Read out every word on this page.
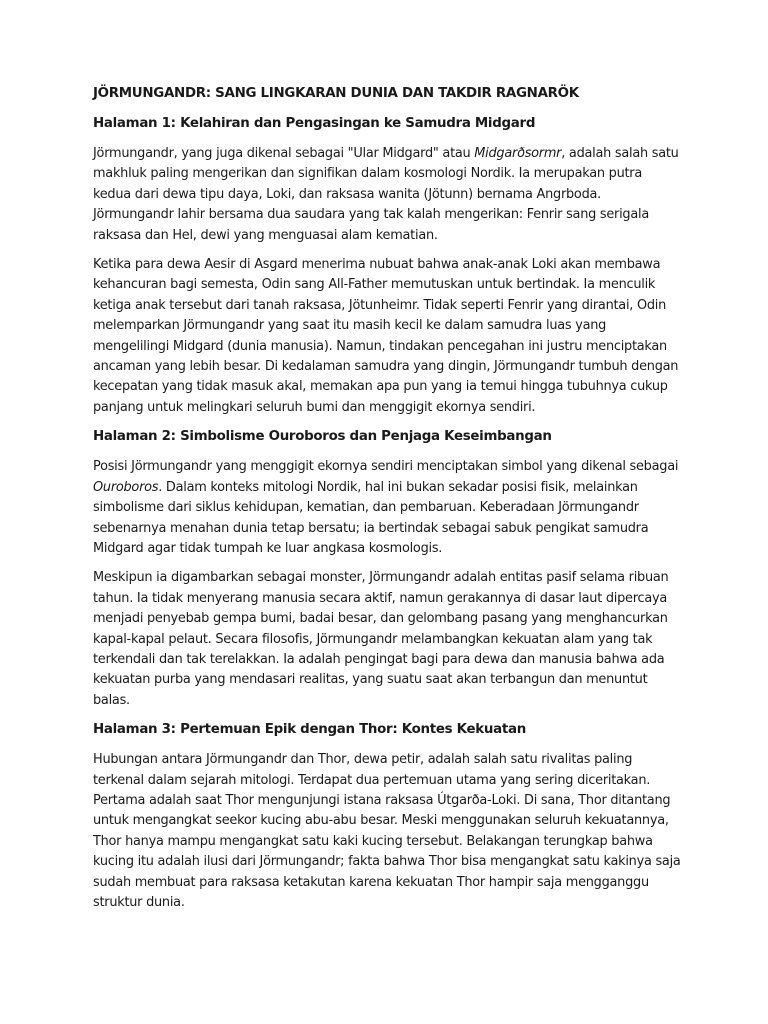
JÖRMUNGANDR: SANG LINGKARAN DUNIA DAN TAKDIR RAGNARÖK
Halaman 1: Kelahiran dan Pengasingan ke Samudra Midgard

Jörmungandr, yang juga dikenal sebagai "Ular Midgard" atau Midgarðsormr, adalah salah satu makhluk paling mengerikan dan signifikan dalam kosmologi Nordik. Ia merupakan putra kedua dari dewa tipu daya, Loki, dan raksasa wanita (Jötunn) bernama Angrboda. Jörmungandr lahir bersama dua saudara yang tak kalah mengerikan: Fenrir sang serigala raksasa dan Hel, dewi yang menguasai alam kematian.

Ketika para dewa Aesir di Asgard menerima nubuat bahwa anak-anak Loki akan membawa kehancuran bagi semesta, Odin sang All-Father memutuskan untuk bertindak. Ia menculik ketiga anak tersebut dari tanah raksasa, Jötunheimr. Tidak seperti Fenrir yang dirantai, Odin melemparkan Jörmungandr yang saat itu masih kecil ke dalam samudra luas yang mengelilingi Midgard (dunia manusia). Namun, tindakan pencegahan ini justru menciptakan ancaman yang lebih besar. Di kedalaman samudra yang dingin, Jörmungandr tumbuh dengan kecepatan yang tidak masuk akal, memakan apa pun yang ia temui hingga tubuhnya cukup panjang untuk melingkari seluruh bumi dan menggigit ekornya sendiri.

Halaman 2: Simbolisme Ouroboros dan Penjaga Keseimbangan

Posisi Jörmungandr yang menggigit ekornya sendiri menciptakan simbol yang dikenal sebagai Ouroboros. Dalam konteks mitologi Nordik, hal ini bukan sekadar posisi fisik, melainkan simbolisme dari siklus kehidupan, kematian, dan pembaruan. Keberadaan Jörmungandr sebenarnya menahan dunia tetap bersatu; ia bertindak sebagai sabuk pengikat samudra Midgard agar tidak tumpah ke luar angkasa kosmologis.

Meskipun ia digambarkan sebagai monster, Jörmungandr adalah entitas pasif selama ribuan tahun. Ia tidak menyerang manusia secara aktif, namun gerakannya di dasar laut dipercaya menjadi penyebab gempa bumi, badai besar, dan gelombang pasang yang menghancurkan kapal-kapal pelaut. Secara filosofis, Jörmungandr melambangkan kekuatan alam yang tak terkendali dan tak terelakkan. Ia adalah pengingat bagi para dewa dan manusia bahwa ada kekuatan purba yang mendasari realitas, yang suatu saat akan terbangun dan menuntut balas.

Halaman 3: Pertemuan Epik dengan Thor: Kontes Kekuatan

Hubungan antara Jörmungandr dan Thor, dewa petir, adalah salah satu rivalitas paling terkenal dalam sejarah mitologi. Terdapat dua pertemuan utama yang sering diceritakan. Pertama adalah saat Thor mengunjungi istana raksasa Útgarða-Loki. Di sana, Thor ditantang untuk mengangkat seekor kucing abu-abu besar. Meski menggunakan seluruh kekuatannya, Thor hanya mampu mengangkat satu kaki kucing tersebut. Belakangan terungkap bahwa kucing itu adalah ilusi dari Jörmungandr; fakta bahwa Thor bisa mengangkat satu kakinya saja sudah membuat para raksasa ketakutan karena kekuatan Thor hampir saja mengganggu struktur dunia.
